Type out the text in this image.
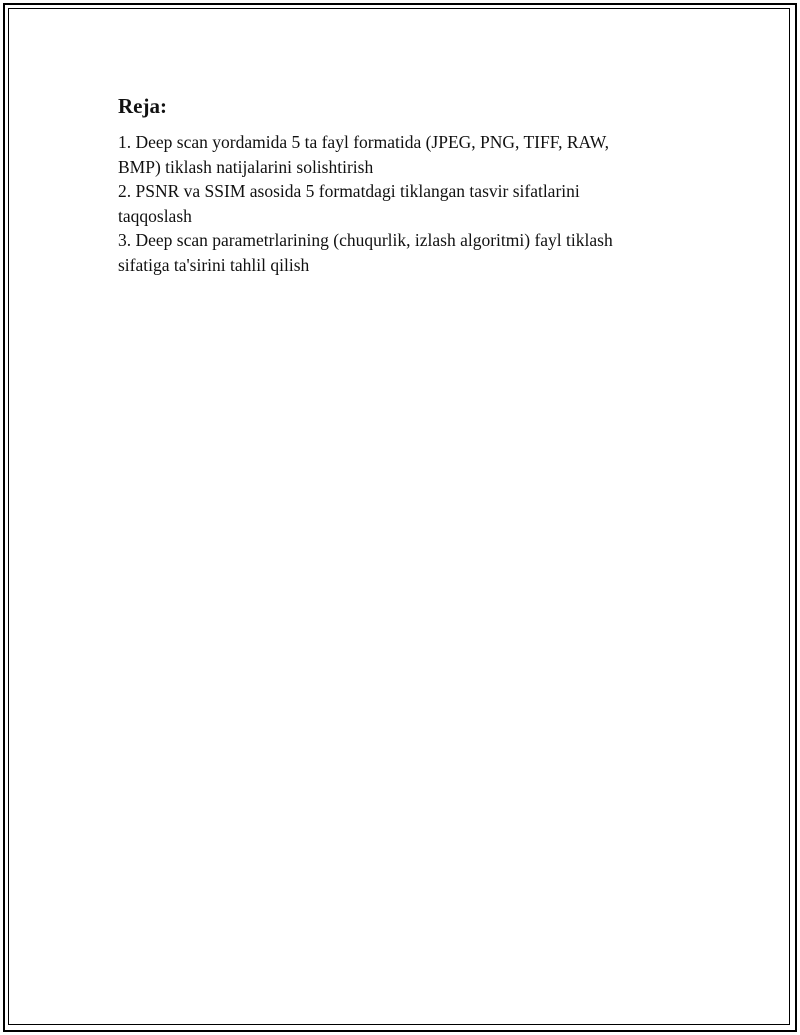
Reja:
1. Deep scan yordamida 5 ta fayl formatida (JPEG, PNG, TIFF, RAW, BMP) tiklash natijalarini solishtirish
2. PSNR va SSIM asosida 5 formatdagi tiklangan tasvir sifatlarini taqqoslash
3. Deep scan parametrlarining (chuqurlik, izlash algoritmi) fayl tiklash sifatiga ta'sirini tahlil qilish
